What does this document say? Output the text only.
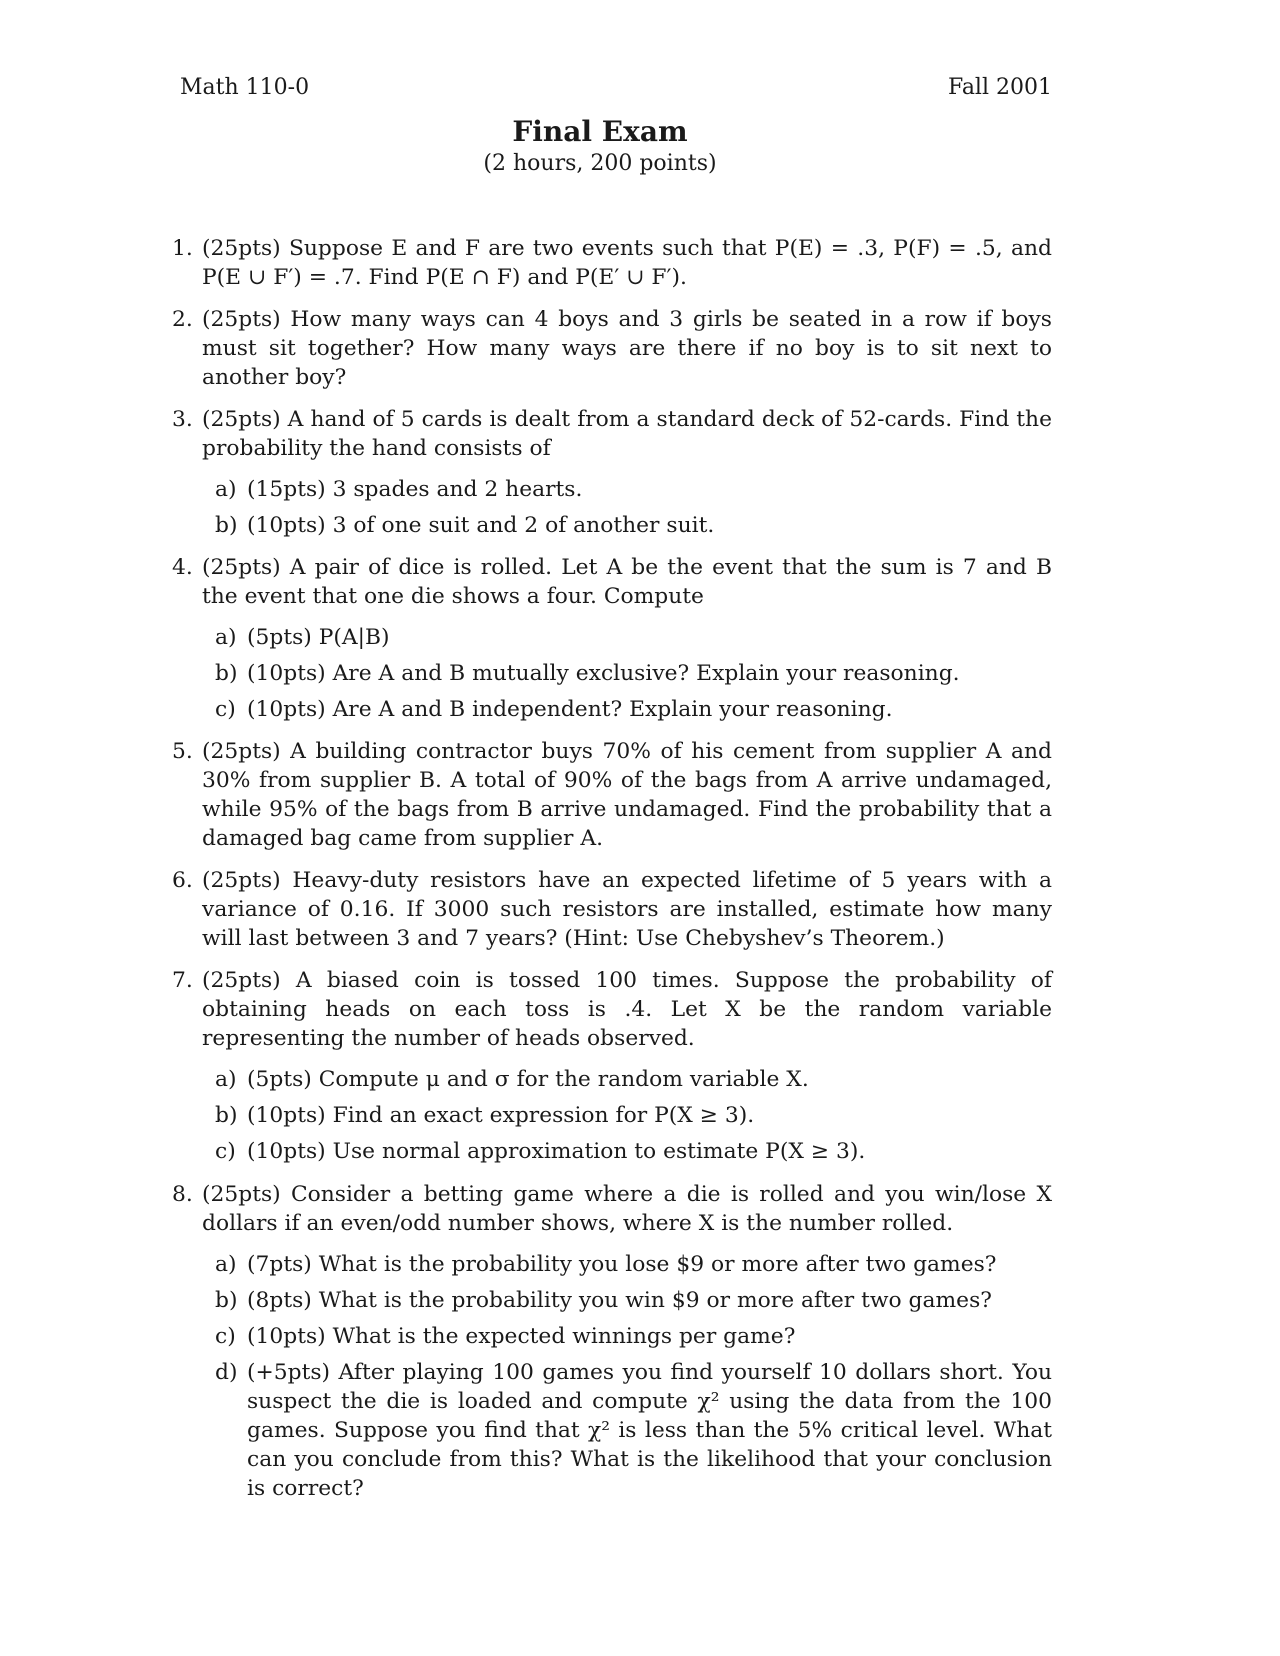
Math 110-0	Fall 2001
Final Exam
(2 hours, 200 points)
1. (25pts) Suppose E and F are two events such that P(E) = .3, P(F) = .5, and P(E ∪ F′) = .7. Find P(E ∩ F) and P(E′ ∪ F′).
2. (25pts) How many ways can 4 boys and 3 girls be seated in a row if boys must sit together? How many ways are there if no boy is to sit next to another boy?
3. (25pts) A hand of 5 cards is dealt from a standard deck of 52-cards. Find the probability the hand consists of
a) (15pts) 3 spades and 2 hearts.
b) (10pts) 3 of one suit and 2 of another suit.
4. (25pts) A pair of dice is rolled. Let A be the event that the sum is 7 and B the event that one die shows a four. Compute
a) (5pts) P(A|B)
b) (10pts) Are A and B mutually exclusive? Explain your reasoning.
c) (10pts) Are A and B independent? Explain your reasoning.
5. (25pts) A building contractor buys 70% of his cement from supplier A and 30% from supplier B. A total of 90% of the bags from A arrive undamaged, while 95% of the bags from B arrive undamaged. Find the probability that a damaged bag came from supplier A.
6. (25pts) Heavy-duty resistors have an expected lifetime of 5 years with a variance of 0.16. If 3000 such resistors are installed, estimate how many will last between 3 and 7 years? (Hint: Use Chebyshev’s Theorem.)
7. (25pts) A biased coin is tossed 100 times. Suppose the probability of obtaining heads on each toss is .4. Let X be the random variable representing the number of heads observed.
a) (5pts) Compute μ and σ for the random variable X.
b) (10pts) Find an exact expression for P(X ≥ 3).
c) (10pts) Use normal approximation to estimate P(X ≥ 3).
8. (25pts) Consider a betting game where a die is rolled and you win/lose X dollars if an even/odd number shows, where X is the number rolled.
a) (7pts) What is the probability you lose $9 or more after two games?
b) (8pts) What is the probability you win $9 or more after two games?
c) (10pts) What is the expected winnings per game?
d) (+5pts) After playing 100 games you find yourself 10 dollars short. You suspect the die is loaded and compute χ² using the data from the 100 games. Suppose you find that χ² is less than the 5% critical level. What can you conclude from this? What is the likelihood that your conclusion is correct?
